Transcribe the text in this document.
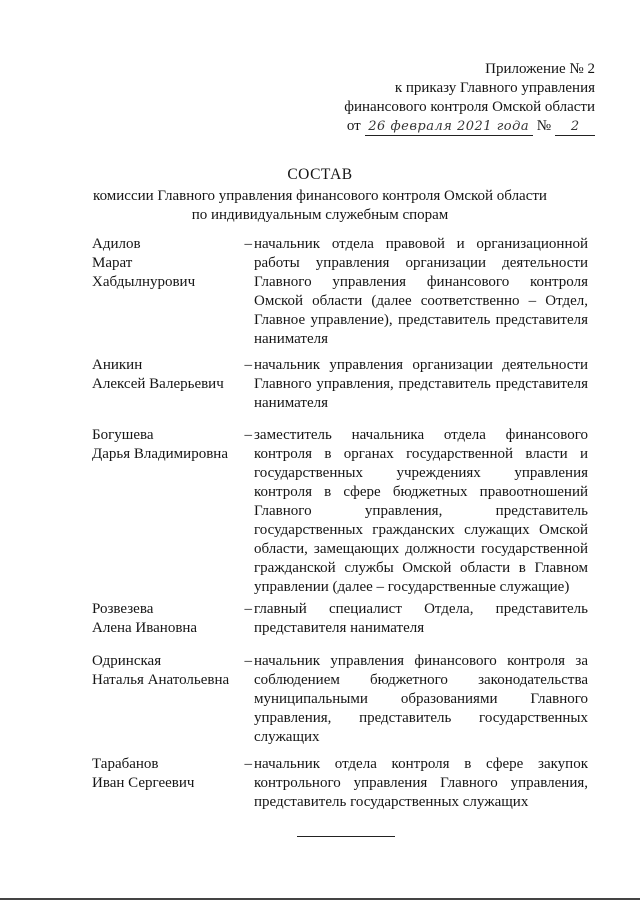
Приложение № 2
к приказу Главного управления
финансового контроля Омской области
от 26 февраля 2021 года №	2
СОСТАВ
комиссии Главного управления финансового контроля Омской области
по индивидуальным служебным спорам
Адилов
Марат
Хабдылнурович
– начальник отдела правовой и организационной работы управления организации деятельности Главного управления финансового контроля Омской области (далее соответственно – Отдел, Главное управление), представитель представителя нанимателя
Аникин
Алексей Валерьевич
– начальник управления организации деятельности Главного управления, представитель представителя нанимателя
Богушева
Дарья Владимировна
– заместитель начальника отдела финансового контроля в органах государственной власти и государственных учреждениях управления контроля в сфере бюджетных правоотношений Главного управления, представитель государственных гражданских служащих Омской области, замещающих должности государственной гражданской службы Омской области в Главном управлении (далее – государственные служащие)
Розвезева
Алена Ивановна
– главный специалист Отдела, представитель представителя нанимателя
Одринская
Наталья Анатольевна
– начальник управления финансового контроля за соблюдением бюджетного законодательства муниципальными образованиями Главного управления, представитель государственных служащих
Тарабанов
Иван Сергеевич
– начальник отдела контроля в сфере закупок контрольного управления Главного управления, представитель государственных служащих
